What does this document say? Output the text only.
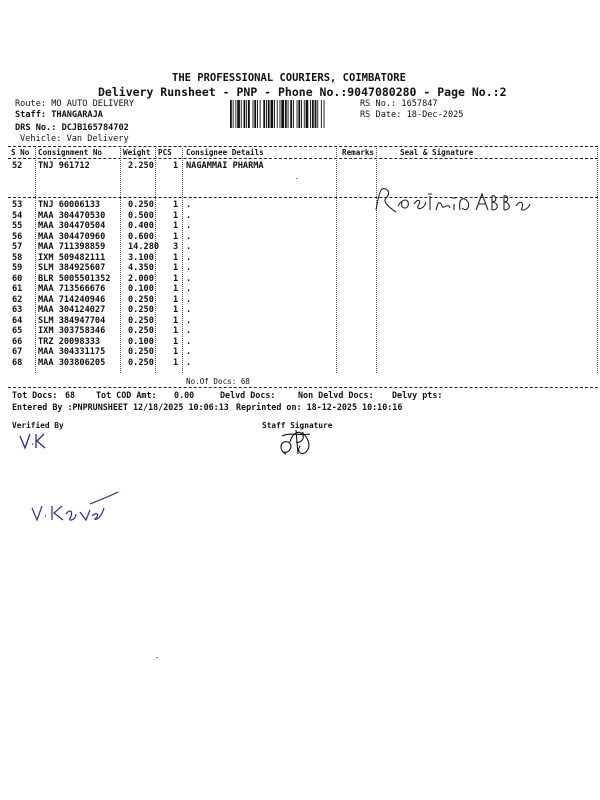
THE PROFESSIONAL COURIERS, COIMBATORE
Delivery Runsheet - PNP - Phone No.:9047080280 - Page No.:2
Route: MO AUTO DELIVERY
Staff: THANGARAJA
DRS No.: DCJB165784702
Vehicle: Van Delivery
RS No.: 1657847
RS Date: 18-Dec-2025
S No Consignment No	Weight PCS Consignee Details	Remarks	Seal & Signature
52 TNJ 961712	2.250 1 NAGAMMAI PHARMA
53 TNJ 60006133	0.250 1 .
54 MAA 304470530	0.500 1 .
55 MAA 304470504	0.400 1 .
56 MAA 304470960	0.600 1 .
57 MAA 711398859	14.280 3 .
58 IXM 509482111	3.100 1 .
59 SLM 384925607	4.350 1 .
60 BLR 5005501352 2.000 1 .
61 MAA 713566676	0.100 1 .
62 MAA 714240946	0.250 1 .
63 MAA 304124027	0.250 1 .
64 SLM 384947704	0.250 1 .
65 IXM 303758346	0.250 1 .
66 TRZ 20098333	0.100 1 .
67 MAA 304331175	0.250 1 .
68 MAA 303806205	0.250 1 .
No.Of Docs: 68
Tot Docs: 68 Tot COD Amt: 0.00	Delvd Docs:	Non Delvd Docs: Delvy pts:
Entered By :PNPRUNSHEET 12/18/2025 10:06:13 Reprinted on: 18-12-2025 10:10:16
Verified By	Staff Signature
